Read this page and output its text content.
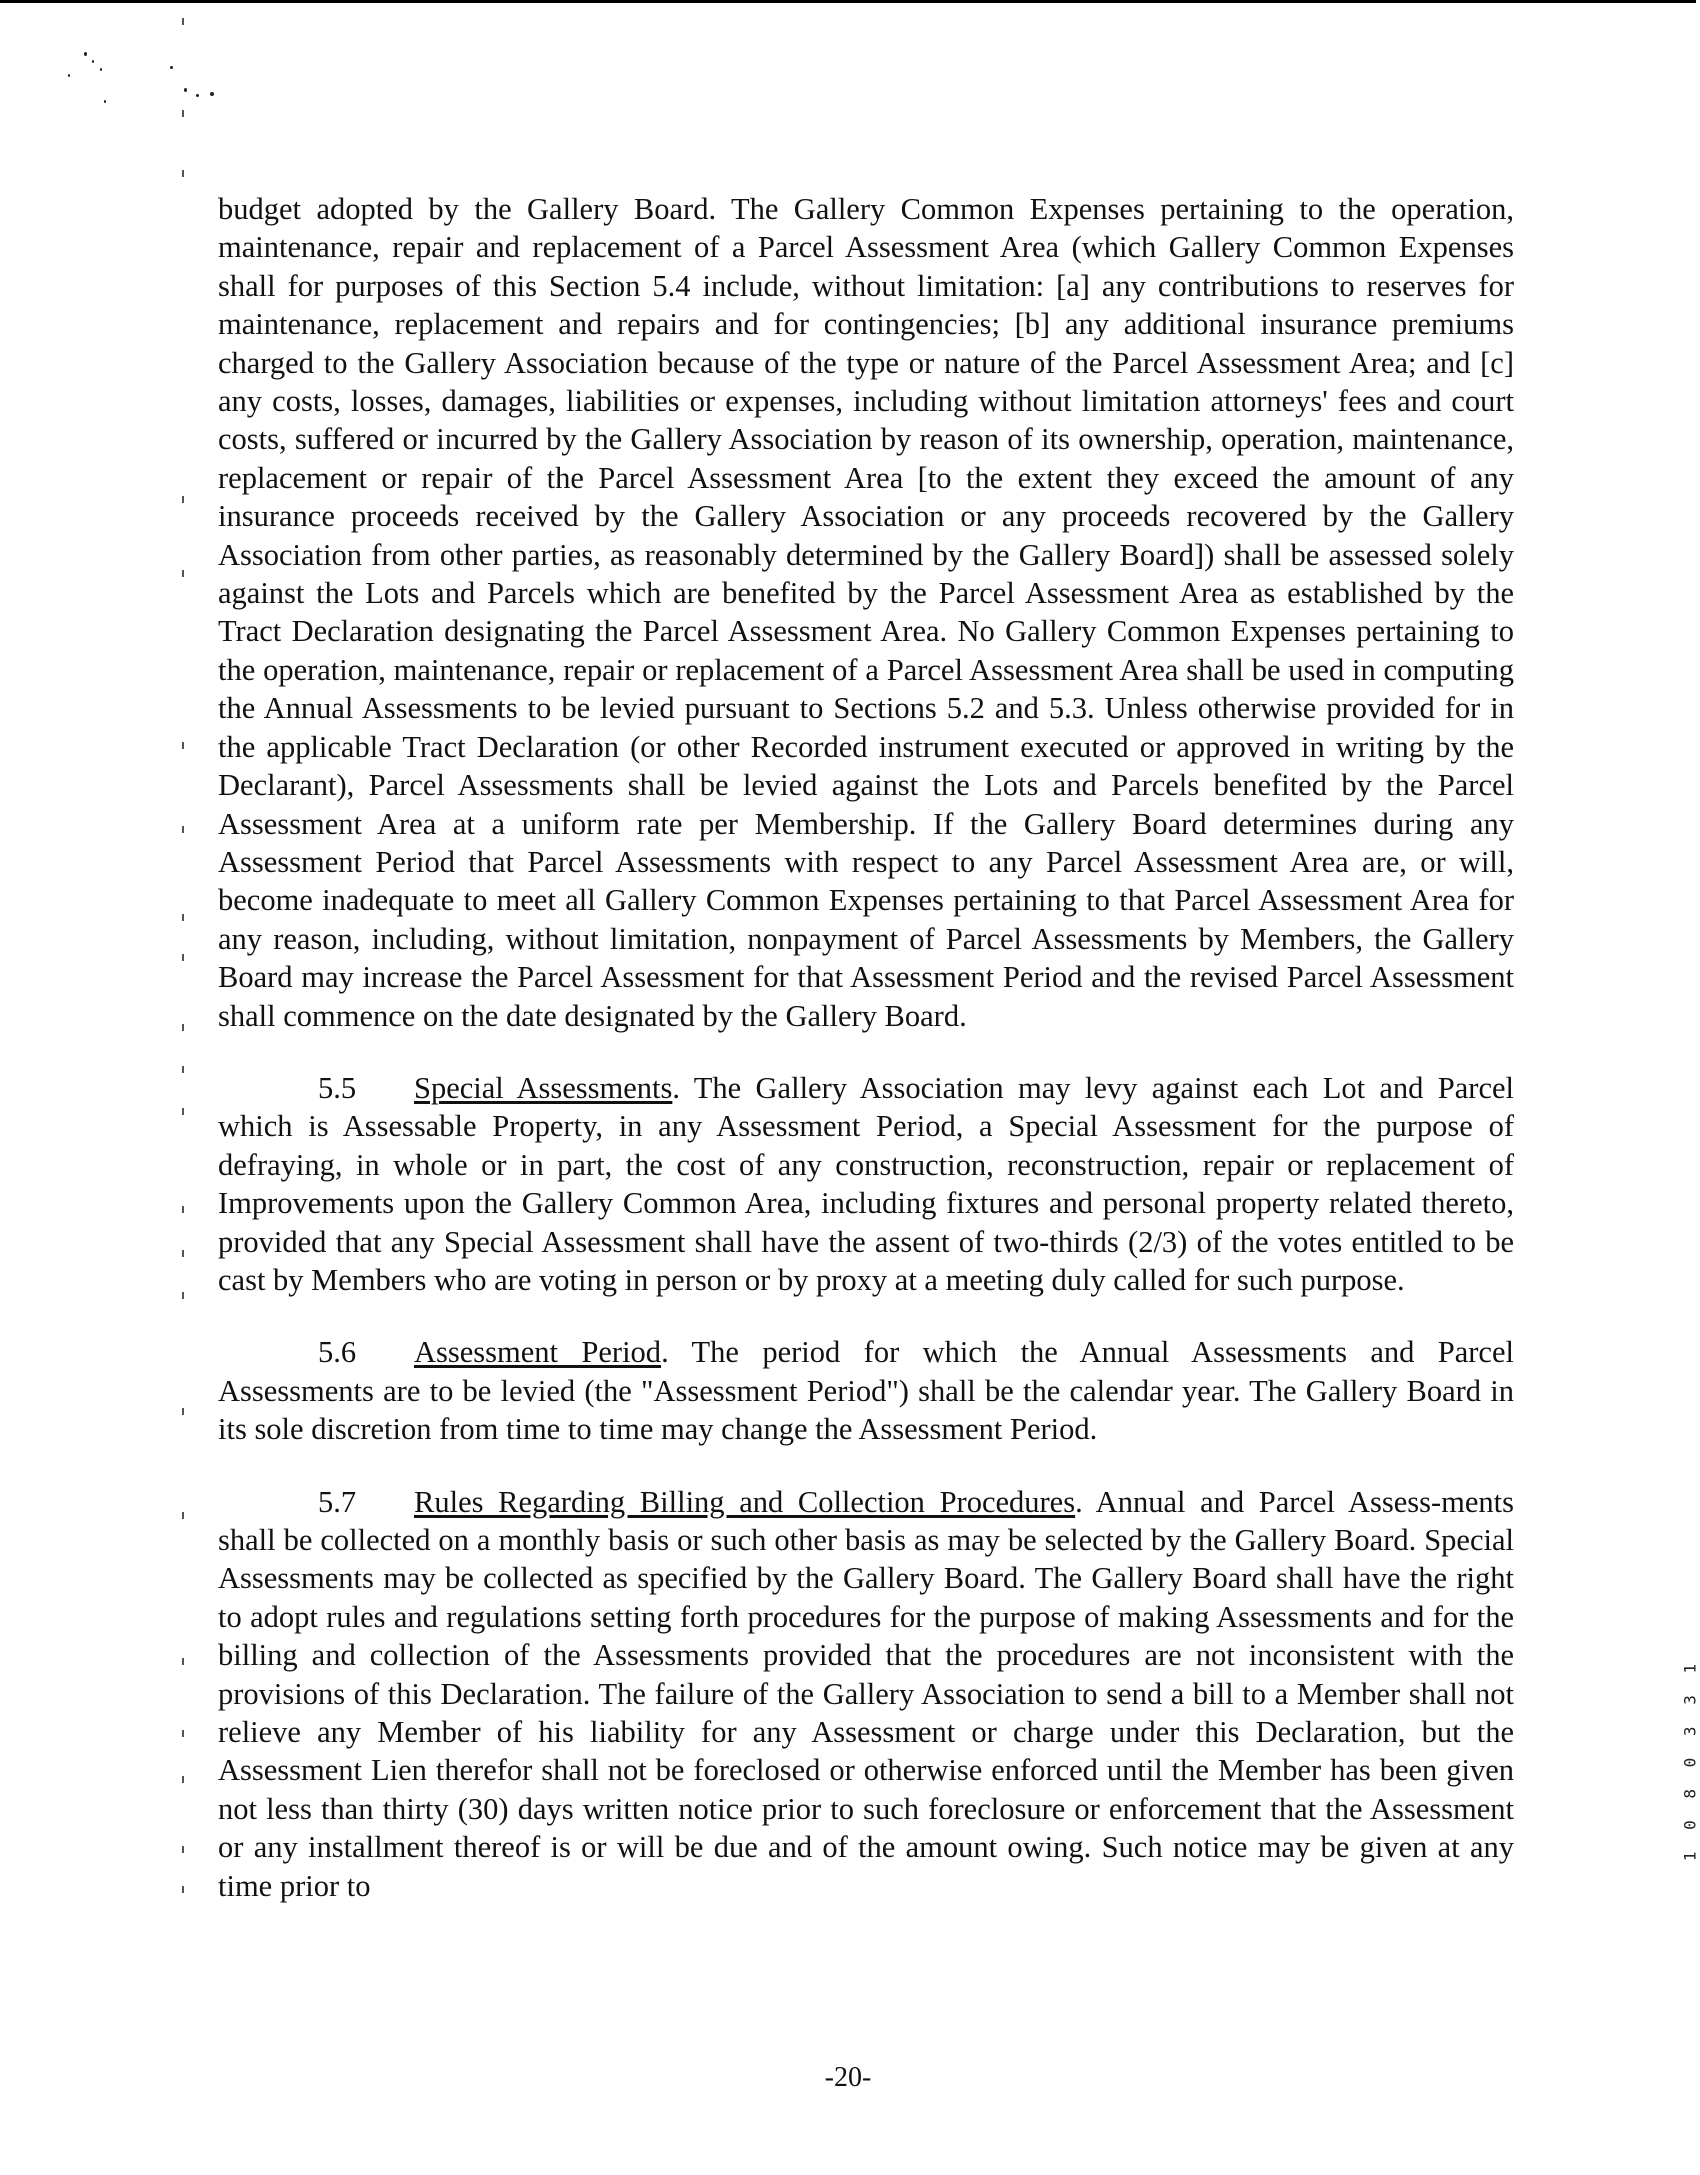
budget adopted by the Gallery Board. The Gallery Common Expenses pertaining to the operation, maintenance, repair and replacement of a Parcel Assessment Area (which Gallery Common Expenses shall for purposes of this Section 5.4 include, without limitation: [a] any contributions to reserves for maintenance, replacement and repairs and for contingencies; [b] any additional insurance premiums charged to the Gallery Association because of the type or nature of the Parcel Assessment Area; and [c] any costs, losses, damages, liabilities or expenses, including without limitation attorneys' fees and court costs, suffered or incurred by the Gallery Association by reason of its ownership, operation, maintenance, replacement or repair of the Parcel Assessment Area [to the extent they exceed the amount of any insurance proceeds received by the Gallery Association or any proceeds recovered by the Gallery Association from other parties, as reasonably determined by the Gallery Board]) shall be assessed solely against the Lots and Parcels which are benefited by the Parcel Assessment Area as established by the Tract Declaration designating the Parcel Assessment Area. No Gallery Common Expenses pertaining to the operation, maintenance, repair or replacement of a Parcel Assessment Area shall be used in computing the Annual Assessments to be levied pursuant to Sections 5.2 and 5.3. Unless otherwise provided for in the applicable Tract Declaration (or other Recorded instrument executed or approved in writing by the Declarant), Parcel Assessments shall be levied against the Lots and Parcels benefited by the Parcel Assessment Area at a uniform rate per Membership. If the Gallery Board determines during any Assessment Period that Parcel Assessments with respect to any Parcel Assessment Area are, or will, become inadequate to meet all Gallery Common Expenses pertaining to that Parcel Assessment Area for any reason, including, without limitation, nonpayment of Parcel Assessments by Members, the Gallery Board may increase the Parcel Assessment for that Assessment Period and the revised Parcel Assessment shall commence on the date designated by the Gallery Board.

5.5 Special Assessments. The Gallery Association may levy against each Lot and Parcel which is Assessable Property, in any Assessment Period, a Special Assessment for the purpose of defraying, in whole or in part, the cost of any construction, reconstruction, repair or replacement of Improvements upon the Gallery Common Area, including fixtures and personal property related thereto, provided that any Special Assessment shall have the assent of two-thirds (2/3) of the votes entitled to be cast by Members who are voting in person or by proxy at a meeting duly called for such purpose.

5.6 Assessment Period. The period for which the Annual Assessments and Parcel Assessments are to be levied (the "Assessment Period") shall be the calendar year. The Gallery Board in its sole discretion from time to time may change the Assessment Period.

5.7 Rules Regarding Billing and Collection Procedures. Annual and Parcel Assess-ments shall be collected on a monthly basis or such other basis as may be selected by the Gallery Board. Special Assessments may be collected as specified by the Gallery Board. The Gallery Board shall have the right to adopt rules and regulations setting forth procedures for the purpose of making Assessments and for the billing and collection of the Assessments provided that the procedures are not inconsistent with the provisions of this Declaration. The failure of the Gallery Association to send a bill to a Member shall not relieve any Member of his liability for any Assessment or charge under this Declaration, but the Assessment Lien therefor shall not be foreclosed or otherwise enforced until the Member has been given not less than thirty (30) days written notice prior to such foreclosure or enforcement that the Assessment or any installment thereof is or will be due and of the amount owing. Such notice may be given at any time prior to

-20-
1 0 8 0 3 3 1
